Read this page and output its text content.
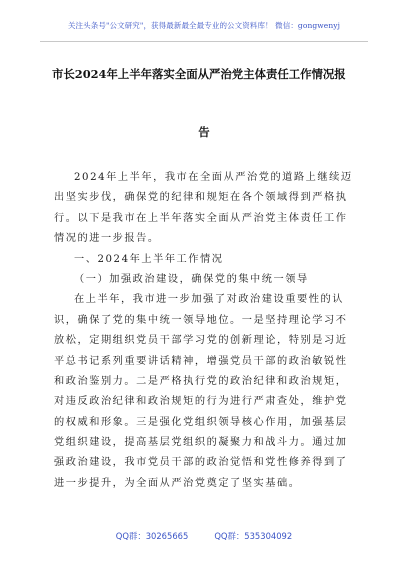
关注头条号"公文研究"，获得最新最全最专业的公文资料库！ 微信：gongwenyj
市长2024年上半年落实全面从严治党主体责任工作情况报
告
2024年上半年，我市在全面从严治党的道路上继续迈
出坚实步伐，确保党的纪律和规矩在各个领域得到严格执
行。以下是我市在上半年落实全面从严治党主体责任工作
情况的进一步报告。
一、2024年上半年工作情况
（一）加强政治建设，确保党的集中统一领导
在上半年，我市进一步加强了对政治建设重要性的认
识，确保了党的集中统一领导地位。一是坚持理论学习不
放松，定期组织党员干部学习党的创新理论，特别是习近
平总书记系列重要讲话精神，增强党员干部的政治敏锐性
和政治鉴别力。二是严格执行党的政治纪律和政治规矩，
对违反政治纪律和政治规矩的行为进行严肃查处，维护党
的权威和形象。三是强化党组织领导核心作用，加强基层
党组织建设，提高基层党组织的凝聚力和战斗力。通过加
强政治建设，我市党员干部的政治觉悟和党性修养得到了
进一步提升，为全面从严治党奠定了坚实基础。
QQ群：30265665	QQ群：535304092
